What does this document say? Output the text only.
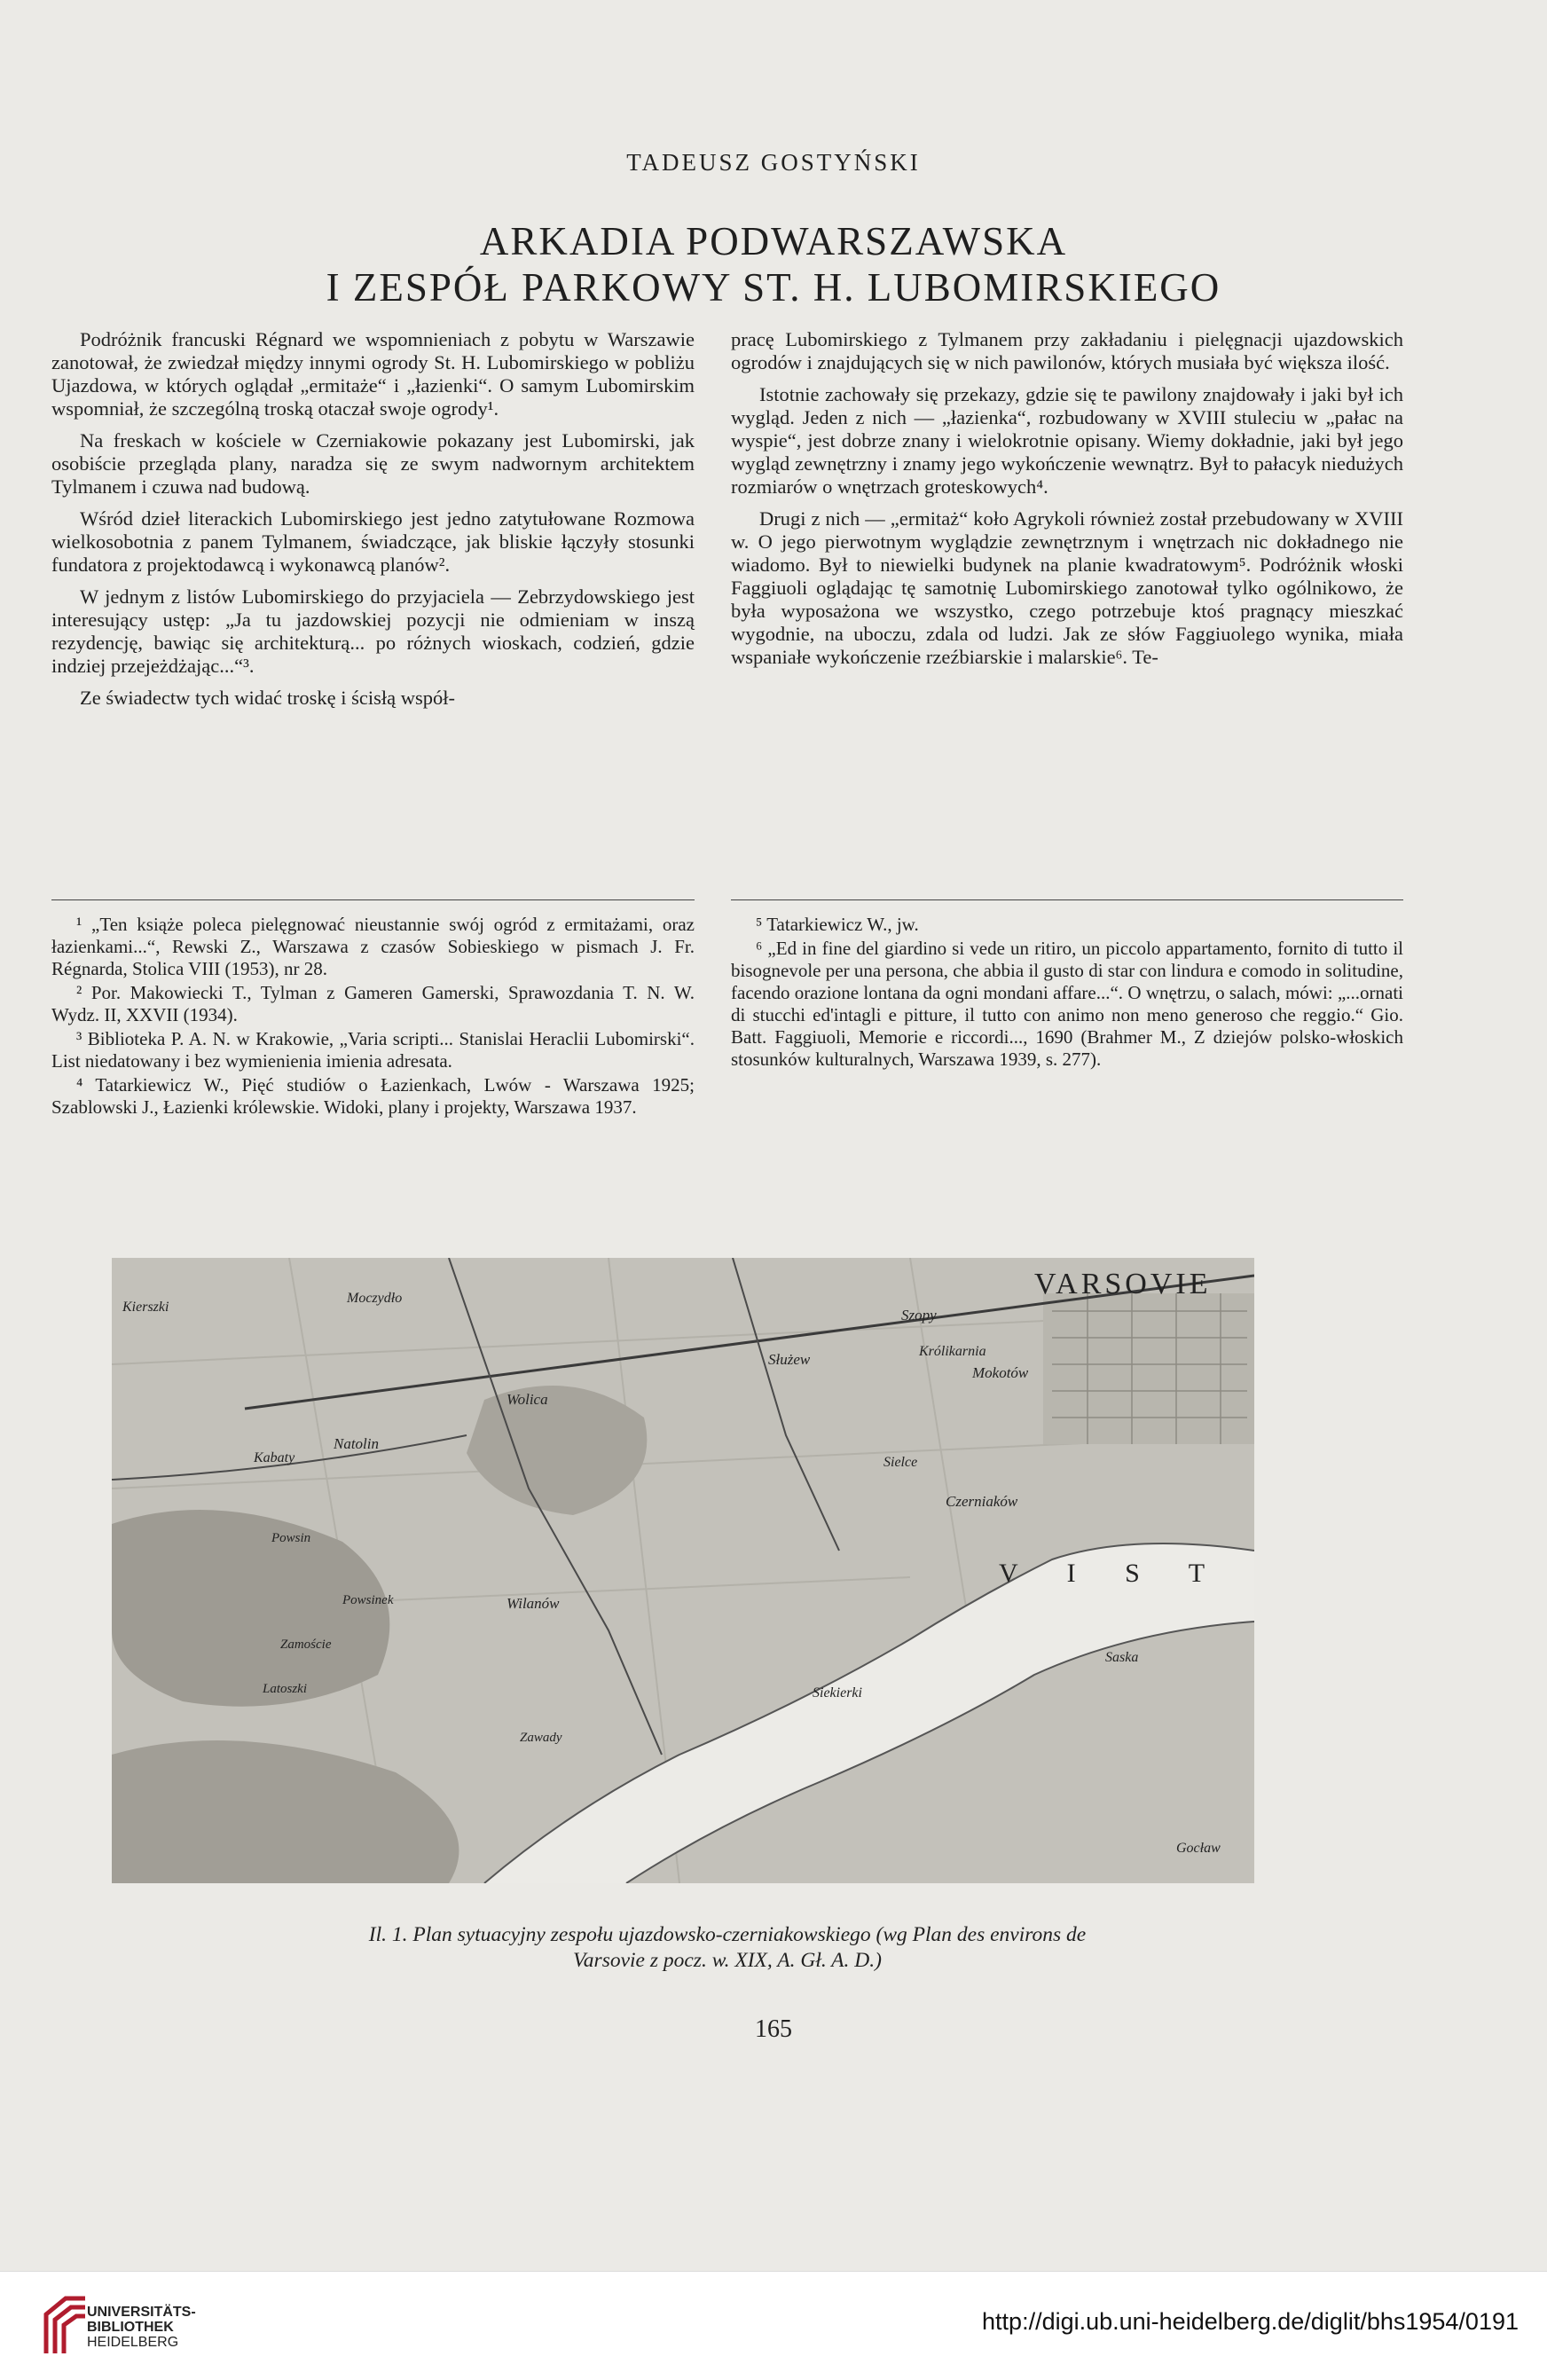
TADEUSZ GOSTYŃSKI
ARKADIA PODWARSZAWSKA
I ZESPÓŁ PARKOWY ST. H. LUBOMIRSKIEGO

Podróżnik francuski Régnard we wspomnieniach z pobytu w Warszawie zanotował, że zwiedzał między innymi ogrody St. H. Lubomirskiego w pobliżu Ujazdowa, w których oglądał „ermitaże“ i „łazienki“. O samym Lubomirskim wspomniał, że szczególną troską otaczał swoje ogrody¹.

Na freskach w kościele w Czerniakowie pokazany jest Lubomirski, jak osobiście przegląda plany, naradza się ze swym nadwornym architektem Tylmanem i czuwa nad budową.

Wśród dzieł literackich Lubomirskiego jest jedno zatytułowane Rozmowa wielkosobotnia z panem Tylmanem, świadczące, jak bliskie łączyły stosunki fundatora z projektodawcą i wykonawcą planów².

W jednym z listów Lubomirskiego do przyjaciela — Zebrzydowskiego jest interesujący ustęp: „Ja tu jazdowskiej pozycji nie odmieniam w inszą rezydencję, bawiąc się architekturą... po różnych wioskach, codzień, gdzie indziej przejeżdżając...“³.

Ze świadectw tych widać troskę i ścisłą współ-

pracę Lubomirskiego z Tylmanem przy zakładaniu i pielęgnacji ujazdowskich ogrodów i znajdujących się w nich pawilonów, których musiała być większa ilość.

Istotnie zachowały się przekazy, gdzie się te pawilony znajdowały i jaki był ich wygląd. Jeden z nich — „łazienka“, rozbudowany w XVIII stuleciu w „pałac na wyspie“, jest dobrze znany i wielokrotnie opisany. Wiemy dokładnie, jaki był jego wygląd zewnętrzny i znamy jego wykończenie wewnątrz. Był to pałacyk niedużych rozmiarów o wnętrzach groteskowych⁴.

Drugi z nich — „ermitaż“ koło Agrykoli również został przebudowany w XVIII w. O jego pierwotnym wyglądzie zewnętrznym i wnętrzach nic dokładnego nie wiadomo. Był to niewielki budynek na planie kwadratowym⁵. Podróżnik włoski Faggiuoli oglądając tę samotnię Lubomirskiego zanotował tylko ogólnikowo, że była wyposażona we wszystko, czego potrzebuje ktoś pragnący mieszkać wygodnie, na uboczu, zdala od ludzi. Jak ze słów Faggiuolego wynika, miała wspaniałe wykończenie rzeźbiarskie i malarskie⁶. Te-

¹ „Ten książe poleca pielęgnować nieustannie swój ogród z ermitażami, oraz łazienkami...“, Rewski Z., Warszawa z czasów Sobieskiego w pismach J. Fr. Régnarda, Stolica VIII (1953), nr 28.

² Por. Makowiecki T., Tylman z Gameren Gamerski, Sprawozdania T. N. W. Wydz. II, XXVII (1934).

³ Biblioteka P. A. N. w Krakowie, „Varia scripti... Stanislai Heraclii Lubomirski“. List niedatowany i bez wymienienia imienia adresata.

⁴ Tatarkiewicz W., Pięć studiów o Łazienkach, Lwów - Warszawa 1925; Szablowski J., Łazienki królewskie. Widoki, plany i projekty, Warszawa 1937.

⁵ Tatarkiewicz W., jw.

⁶ „Ed in fine del giardino si vede un ritiro, un piccolo appartamento, fornito di tutto il bisognevole per una persona, che abbia il gusto di star con lindura e comodo in solitudine, facendo orazione lontana da ogni mondani affare...“. O wnętrzu, o salach, mówi: „...ornati di stucchi ed'intagli e pitture, il tutto con animo non meno generoso che reggio.“ Gio. Batt. Faggiuoli, Memorie e riccordi..., 1690 (Brahmer M., Z dziejów polsko-włoskich stosunków kulturalnych, Warszawa 1939, s. 277).

VARSOVIE
Szopy
Królikarnia
Mokotów
Służew
Wolica
Natolin
Kabaty
Moczydło
Kierszki
Sielce
Czerniaków
Powsin
Powsinek	Wilanów
Zamoście
Latoszki	Siekierki
Zawady
Saska
Gocław
V I S T
Il. 1. Plan sytuacyjny zespołu ujazdowsko-czerniakowskiego (wg Plan des environs de
Varsovie z pocz. w. XIX, A. Gł. A. D.)
165
UNIVERSITÄTS-
BIBLIOTHEK
HEIDELBERG
http://digi.ub.uni-heidelberg.de/diglit/bhs1954/0191
